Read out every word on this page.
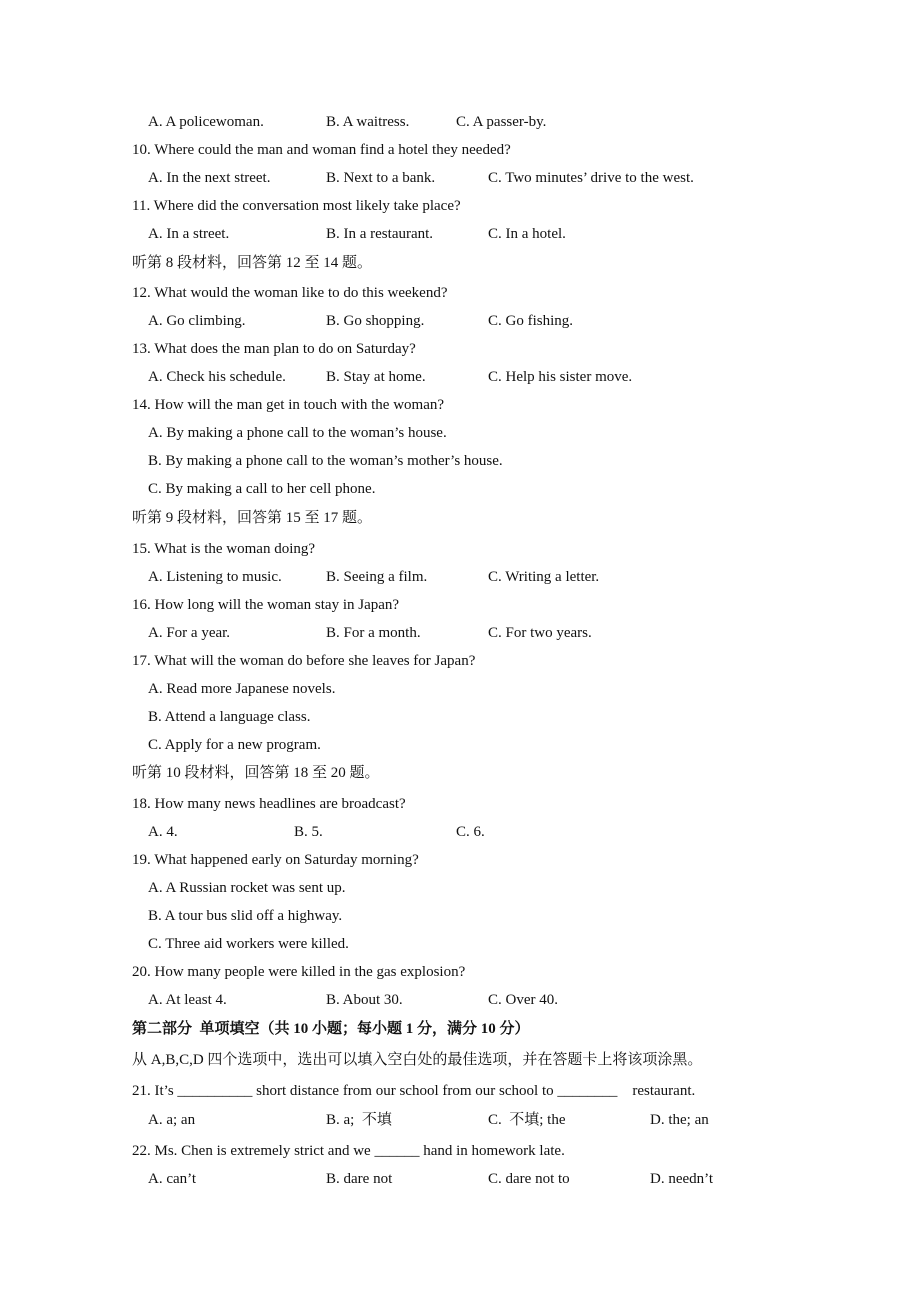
A. A policewoman.	B. A waitress.	C. A passer-by.
10. Where could the man and woman find a hotel they needed?
A. In the next street.	B. Next to a bank.	C. Two minutes’ drive to the west.
11. Where did the conversation most likely take place?
A. In a street.	B. In a restaurant.	C. In a hotel.
听第 8 段材料，回答第 12 至 14 题。
12. What would the woman like to do this weekend?
A. Go climbing.	B. Go shopping.	C. Go fishing.
13. What does the man plan to do on Saturday?
A. Check his schedule.	B. Stay at home.	C. Help his sister move.
14. How will the man get in touch with the woman?
A. By making a phone call to the woman’s house.
B. By making a phone call to the woman’s mother’s house.
C. By making a call to her cell phone.
听第 9 段材料，回答第 15 至 17 题。
15. What is the woman doing?
A. Listening to music.	B. Seeing a film.	C. Writing a letter.
16. How long will the woman stay in Japan?
A. For a year.	B. For a month.	C. For two years.
17. What will the woman do before she leaves for Japan?
A. Read more Japanese novels.
B. Attend a language class.
C. Apply for a new program.
听第 10 段材料，回答第 18 至 20 题。
18. How many news headlines are broadcast?
A. 4.	B. 5.	C. 6.
19. What happened early on Saturday morning?
A. A Russian rocket was sent up.
B. A tour bus slid off a highway.
C. Three aid workers were killed.
20. How many people were killed in the gas explosion?
A. At least 4.	B. About 30.	C. Over 40.
第二部分  单项填空（共 10 小题；每小题 1 分，满分 10 分）
从 A,B,C,D 四个选项中，选出可以填入空白处的最佳选项，并在答题卡上将该项涂黑。
21. It’s __________ short distance from our school from our school to ________    restaurant.
A. a; an	B. a;  不填	C.  不填; the	D. the; an
22. Ms. Chen is extremely strict and we ______ hand in homework late.
A. can’t	B. dare not	C. dare not to	D. needn’t
